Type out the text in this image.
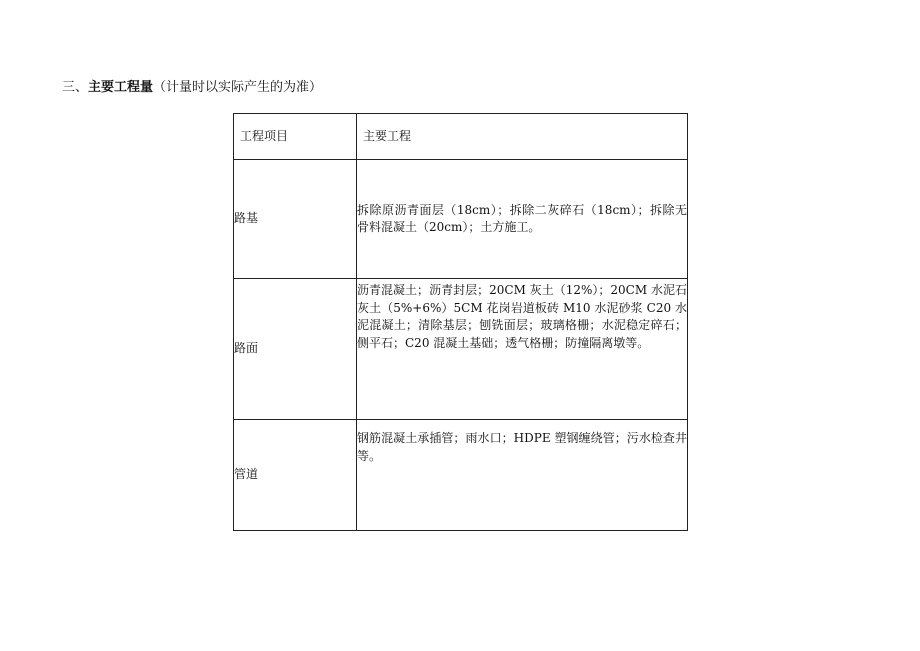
三、主要工程量（计量时以实际产生的为准）
工程项目	主要工程
路基	拆除原沥青面层（18cm）；拆除二灰碎石（18cm）；拆除无骨料混凝土（20cm）；土方施工。
路面	沥青混凝土；沥青封层；20CM 灰土（12%）；20CM 水泥石灰土（5%+6%）5CM 花岗岩道板砖 M10 水泥砂浆 C20 水泥混凝土；清除基层；刨铣面层；玻璃格栅；水泥稳定碎石； 侧平石；C20 混凝土基础；透气格栅；防撞隔离墩等。
管道	钢筋混凝土承插管；雨水口；HDPE 塑钢缠绕管；污水检查井等。
